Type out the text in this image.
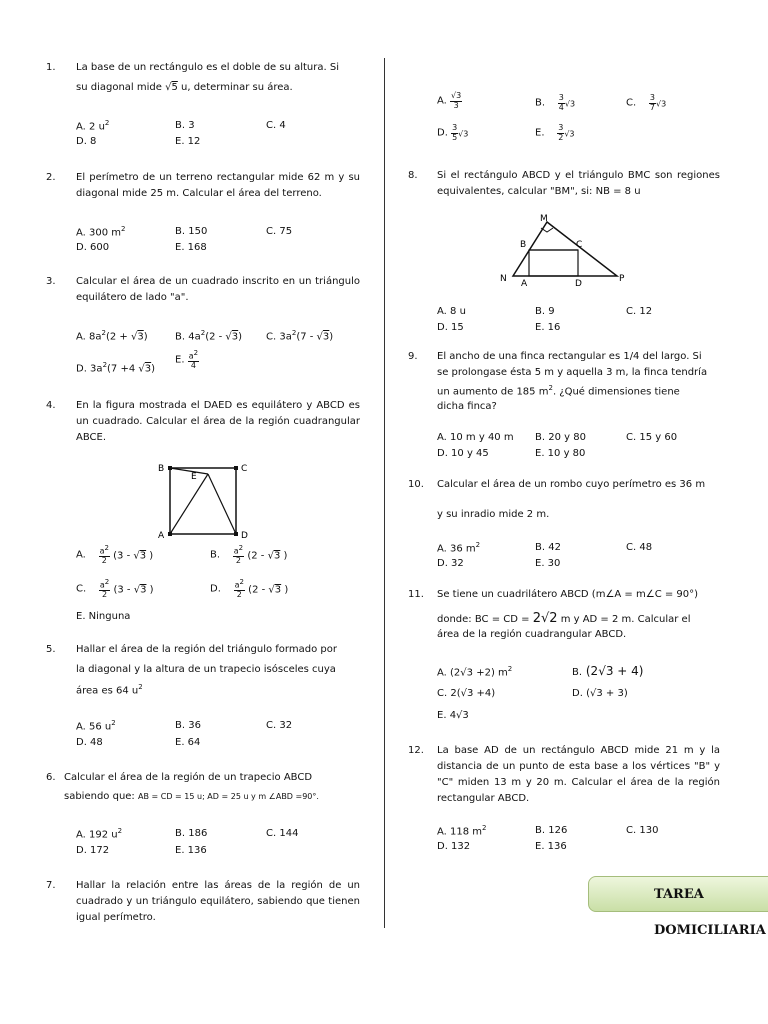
1. La base de un rectángulo es el doble de su altura. Si
su diagonal mide √5 u, determinar su área.
A. 2 $u^2$	B. 3	C. 4
D. 8	E. 12
2. El perímetro de un terreno rectangular mide 62 m y su diagonal mide 25 m. Calcular el área del terreno.
A. 300 $m^2$	B. 150	C. 75
D. 600	E. 168
3. Calcular el área de un cuadrado inscrito en un triángulo equilátero de lado "a".
A. $8a^2(2 + √3)$	B. $4a^2(2 - √3)$ C. $3a^2(7 - √3)$
D. $3a^2(7 +4$ √3)
E. $\frac{a^2}{4}$
4. En la figura mostrada el DAED es equilátero y ABCD es un cuadrado. Calcular el área de la región cuadrangular ABCE.
B	C
E
A	D
A. $\frac{a^2}{2} (3 - √3$ )	B. $\frac{a^2}{2} (2 - √3$ )
C. $\frac{a^2}{2} (3 - √3$ )	D. $\frac{a^2}{2} (2 - √3$ )
E. Ninguna
5. Hallar el área de la región del triángulo formado por
la diagonal y la altura de un trapecio isósceles cuya
área es 64 $u^2$
A. 56 $u^2$	B. 36	C. 32
D. 48	E. 64
6. Calcular el área de la región de un trapecio ABCD
sabiendo que: AB = CD = 15 u; AD = 25 u y m ∠ABD =90°.
A. 192 $u^2$	B. 186	C. 144
D. 172	E. 136
7. Hallar la relación entre las áreas de la región de un cuadrado y un triángulo equilátero, sabiendo que tienen igual perímetro.
A. $\frac{√3}{3}$	B. $\frac{3}{4} √3$	C. $\frac{3}{7} √3$
D. $\frac{3}{5} √3$	E. $\frac{3}{2} √3$
8. Si el rectángulo ABCD y el triángulo BMC son regiones equivalentes, calcular "BM", si: NB = 8 u
M
B	C
N A	D	P
A. 8 u	B. 9	C. 12
D. 15	E. 16
9. El ancho de una finca rectangular es 1/4 del largo. Si
se prolongase ésta 5 m y aquella 3 m, la finca tendría
un aumento de 185 $m^2$. ¿Qué dimensiones tiene
dicha finca?
A. 10 m y 40 m B. 20 y 80	C. 15 y 60
D. 10 y 45	E. 10 y 80
10. Calcular el área de un rombo cuyo perímetro es 36 m
y su inradio mide 2 m.
A. 36 $m^2$	B. 42	C. 48
D. 32	E. 30
11. Se tiene un cuadrilátero ABCD (m∠A = m∠C = 90°)
donde: BC = CD = 2√2 m y AD = 2 m. Calcular el
área de la región cuadrangular ABCD.
A. (2√3 +2) $m^2$	B. (2√3 + 4)
C. 2(√3 +4)	D. (√3 + 3)
E. 4√3
12. La base AD de un rectángulo ABCD mide 21 m y la distancia de un punto de esta base a los vértices "B" y "C" miden 13 m y 20 m. Calcular el área de la región rectangular ABCD.
A. 118 $m^2$	B. 126	C. 130
D. 132	E. 136
TAREA DOMICILIARIA
